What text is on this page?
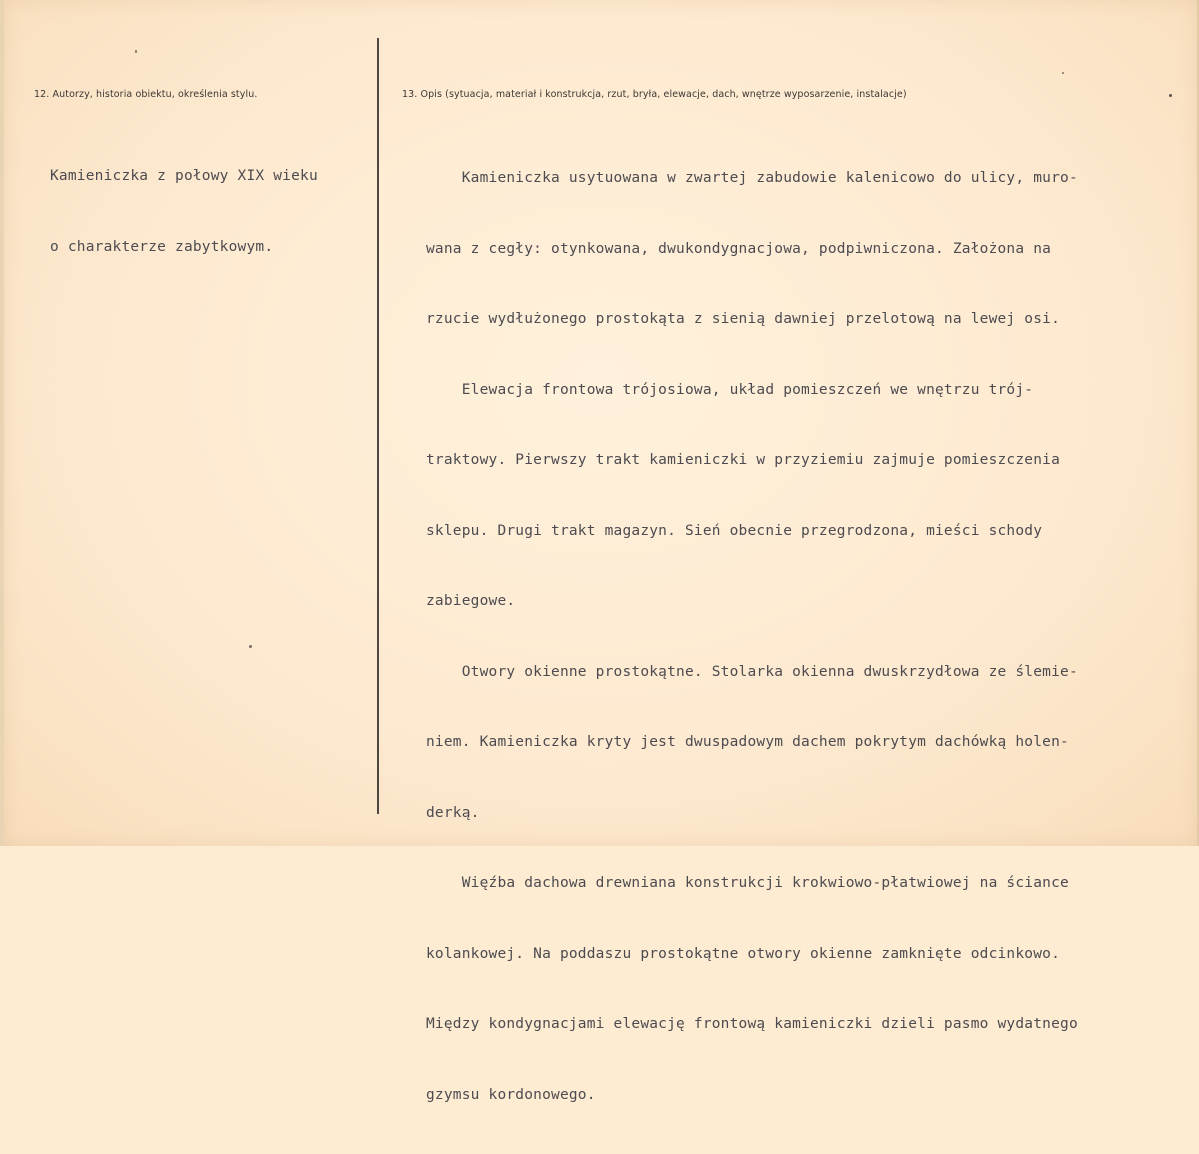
12. Autorzy, historia obiektu, określenia stylu.	13. Opis (sytuacja, materiał i konstrukcja, rzut, bryła, elewacje, dach, wnętrze wyposarzenie, instalacje)

Kamieniczka z połowy XIX wieku

o charakterze zabytkowym.

Kamieniczka usytuowana w zwartej zabudowie kalenicowo do ulicy, muro-

wana z cegły: otynkowana, dwukondygnacjowa, podpiwniczona. Założona na

rzucie wydłużonego prostokąta z sienią dawniej przelotową na lewej osi.

Elewacja frontowa trójosiowa, układ pomieszczeń we wnętrzu trój-

traktowy. Pierwszy trakt kamieniczki w przyziemiu zajmuje pomieszczenia

sklepu. Drugi trakt magazyn. Sień obecnie przegrodzona, mieści schody

zabiegowe.

Otwory okienne prostokątne. Stolarka okienna dwuskrzydłowa ze ślemie-

niem. Kamieniczka kryty jest dwuspadowym dachem pokrytym dachówką holen-

derką.

Więźba dachowa drewniana konstrukcji krokwiowo-płatwiowej na ściance

kolankowej. Na poddaszu prostokątne otwory okienne zamknięte odcinkowo.

Między kondygnacjami elewację frontową kamieniczki dzieli pasmo wydatnego

gzymsu kordonowego.
